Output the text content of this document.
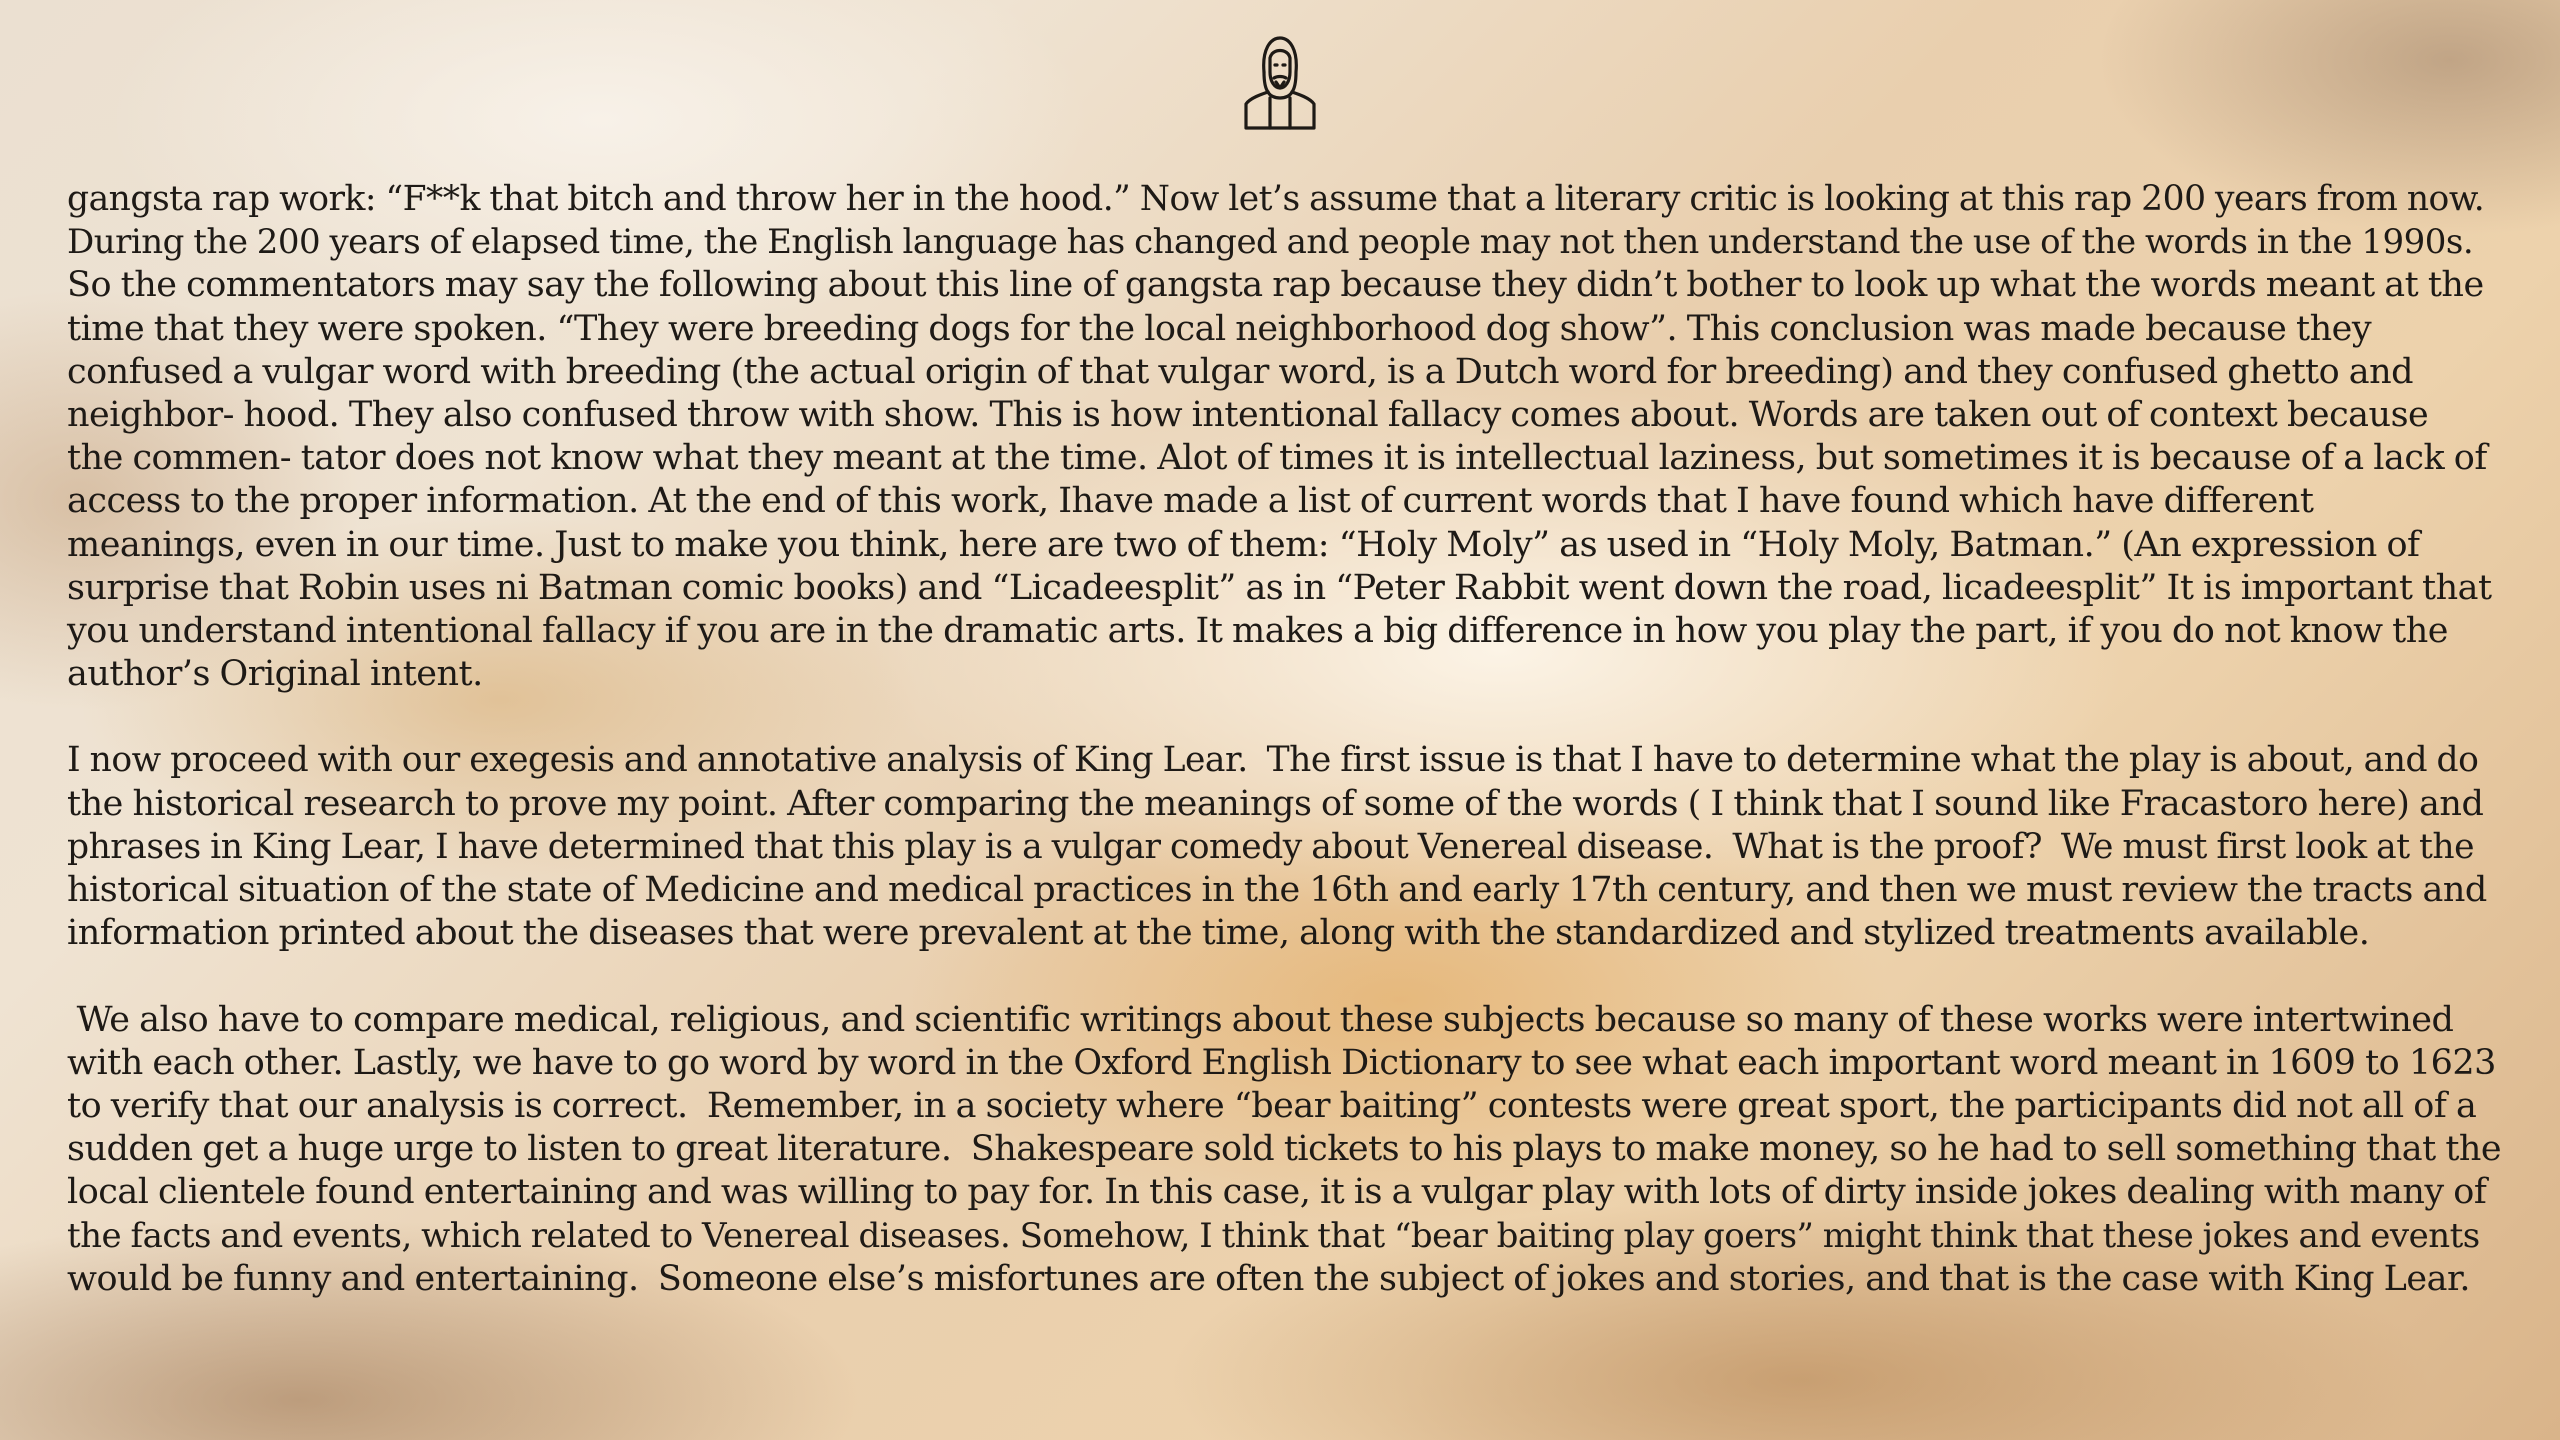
gangsta rap work: “F**k that bitch and throw her in the hood.” Now let’s assume that a literary critic is looking at this rap 200 years from now.
During the 200 years of elapsed time, the English language has changed and people may not then understand the use of the words in the 1990s.
So the commentators may say the following about this line of gangsta rap because they didn’t bother to look up what the words meant at the
time that they were spoken. “They were breeding dogs for the local neighborhood dog show”. This conclusion was made because they
confused a vulgar word with breeding (the actual origin of that vulgar word, is a Dutch word for breeding) and they confused ghetto and
neighbor- hood. They also confused throw with show. This is how intentional fallacy comes about. Words are taken out of context because
the commen- tator does not know what they meant at the time. Alot of times it is intellectual laziness, but sometimes it is because of a lack of
access to the proper information. At the end of this work, Ihave made a list of current words that I have found which have different
meanings, even in our time. Just to make you think, here are two of them: “Holy Moly” as used in “Holy Moly, Batman.” (An expression of
surprise that Robin uses ni Batman comic books) and “Licadeesplit” as in “Peter Rabbit went down the road, licadeesplit” It is important that
you understand intentional fallacy if you are in the dramatic arts. It makes a big difference in how you play the part, if you do not know the
author’s Original intent.
I now proceed with our exegesis and annotative analysis of King Lear.  The first issue is that I have to determine what the play is about, and do
the historical research to prove my point. After comparing the meanings of some of the words ( I think that I sound like Fracastoro here) and
phrases in King Lear, I have determined that this play is a vulgar comedy about Venereal disease.  What is the proof?  We must first look at the
historical situation of the state of Medicine and medical practices in the 16th and early 17th century, and then we must review the tracts and
information printed about the diseases that were prevalent at the time, along with the standardized and stylized treatments available.
We also have to compare medical, religious, and scientific writings about these subjects because so many of these works were intertwined
with each other. Lastly, we have to go word by word in the Oxford English Dictionary to see what each important word meant in 1609 to 1623
to verify that our analysis is correct.  Remember, in a society where “bear baiting” contests were great sport, the participants did not all of a
sudden get a huge urge to listen to great literature.  Shakespeare sold tickets to his plays to make money, so he had to sell something that the
local clientele found entertaining and was willing to pay for. In this case, it is a vulgar play with lots of dirty inside jokes dealing with many of
the facts and events, which related to Venereal diseases. Somehow, I think that “bear baiting play goers” might think that these jokes and events
would be funny and entertaining.  Someone else’s misfortunes are often the subject of jokes and stories, and that is the case with King Lear.
